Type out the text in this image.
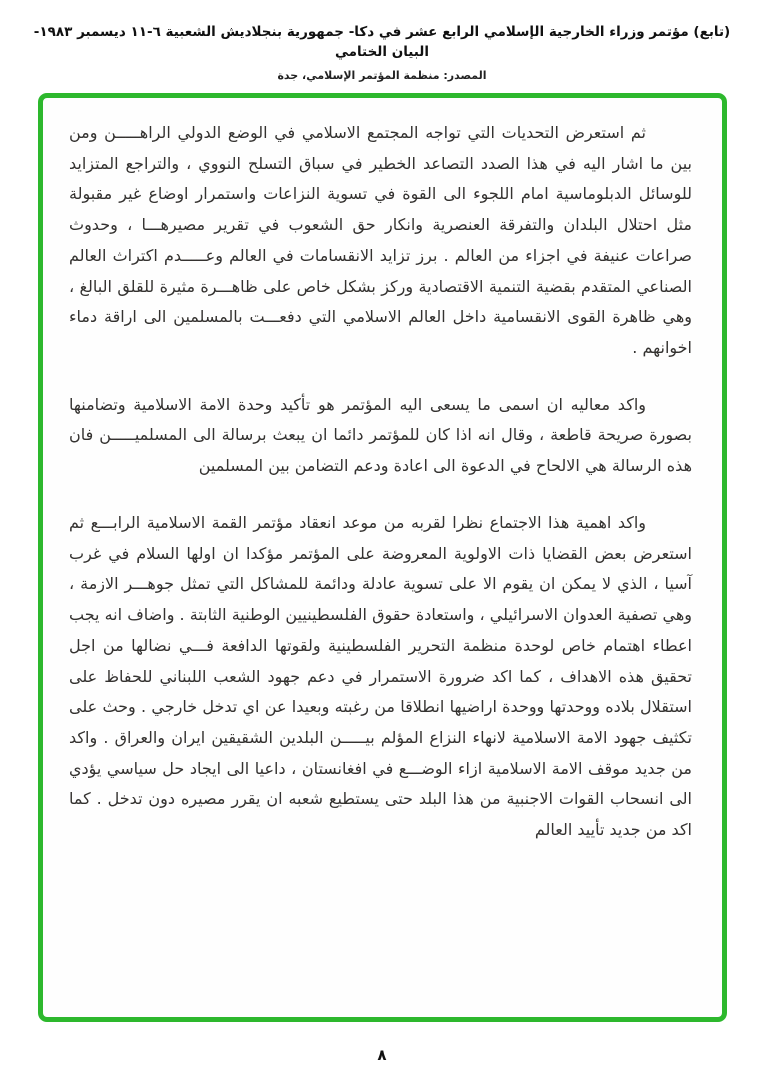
(تابع) مؤتمر وزراء الخارجية الإسلامي الرابع عشر في دكا- جمهورية بنجلاديش الشعبية ٦-١١ ديسمبر ١٩٨٣- البيان الختامي
المصدر: منظمة المؤتمر الإسلامي، جدة

ثم استعرض التحديات التي تواجه المجتمع الاسلامي في الوضع الدولي الراهـــــن ومن بين ما اشار اليه في هذا الصدد التصاعد الخطير في سباق التسلح النووي ، والتراجع المتزايد للوسائل الدبلوماسية امام اللجوء الى القوة في تسوية النزاعات واستمرار اوضاع غير مقبولة مثل احتلال البلدان والتفرقة العنصرية وانكار حق الشعوب في تقرير مصيرهـــا ، وحدوث صراعات عنيفة في اجزاء من العالم . برز تزايد الانقسامات في العالم وعـــــدم اكتراث العالم الصناعي المتقدم بقضية التنمية الاقتصادية وركز بشكل خاص على ظاهـــرة مثيرة للقلق البالغ ، وهي ظاهرة القوى الانقسامية داخل العالم الاسلامي التي دفعـــت بالمسلمين الى اراقة دماء اخوانهم .

واكد معاليه ان اسمى ما يسعى اليه المؤتمر هو تأكيد وحدة الامة الاسلامية وتضامنها بصورة صريحة قاطعة ، وقال انه اذا كان للمؤتمر دائما ان يبعث برسالة الى المسلميـــــن فان هذه الرسالة هي الالحاح في الدعوة الى اعادة ودعم التضامن بين المسلمين

واكد اهمية هذا الاجتماع نظرا لقربه من موعد انعقاد مؤتمر القمة الاسلامية الرابـــع ثم استعرض بعض القضايا ذات الاولوية المعروضة على المؤتمر مؤكدا ان اولها السلام في غرب آسيا ، الذي لا يمكن ان يقوم الا على تسوية عادلة ودائمة للمشاكل التي تمثل جوهـــر الازمة ، وهي تصفية العدوان الاسرائيلي ، واستعادة حقوق الفلسطينيين الوطنية الثابتة . واضاف انه يجب اعطاء اهتمام خاص لوحدة منظمة التحرير الفلسطينية ولقوتها الدافعة فـــي نضالها من اجل تحقيق هذه الاهداف ، كما اكد ضرورة الاستمرار في دعم جهود الشعب اللبناني للحفاظ على استقلال بلاده ووحدتها ووحدة اراضيها انطلاقا من رغبته وبعيدا عن اي تدخل خارجي . وحث على تكثيف جهود الامة الاسلامية لانهاء النزاع المؤلم بيـــــن البلدين الشقيقين ايران والعراق . واكد من جديد موقف الامة الاسلامية ازاء الوضـــع في افغانستان ، داعيا الى ايجاد حل سياسي يؤدي الى انسحاب القوات الاجنبية من هذا البلد حتى يستطيع شعبه ان يقرر مصيره دون تدخل . كما اكد من جديد تأييد العالم

٨
